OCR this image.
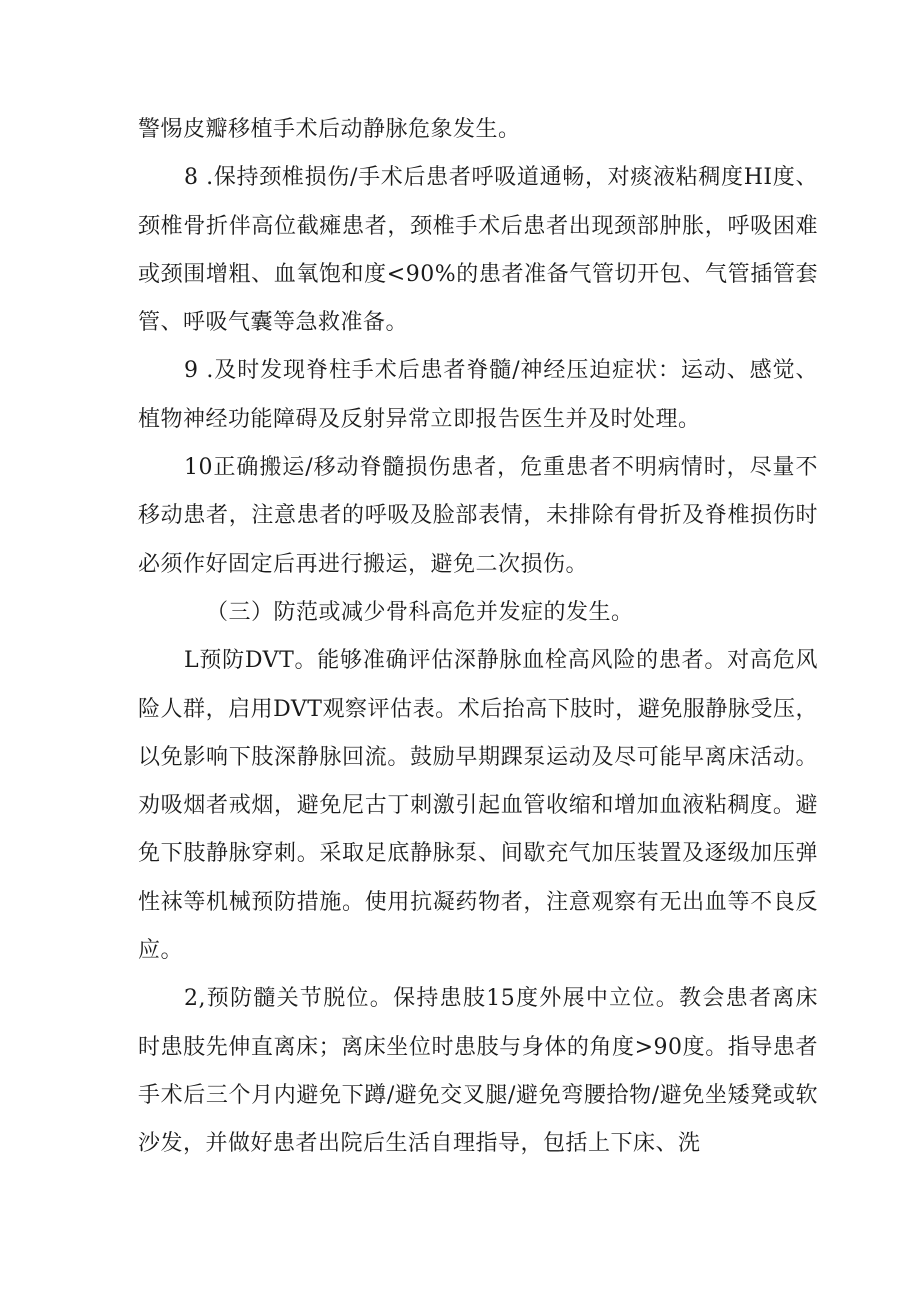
警惕皮瓣移植手术后动静脉危象发生。

8 .保持颈椎损伤/手术后患者呼吸道通畅，对痰液粘稠度HI度、颈椎骨折伴高位截瘫患者，颈椎手术后患者出现颈部肿胀，呼吸困难或颈围增粗、血氧饱和度<90%的患者准备气管切开包、气管插管套管、呼吸气囊等急救准备。

9 .及时发现脊柱手术后患者脊髓/神经压迫症状：运动、感觉、植物神经功能障碍及反射异常立即报告医生并及时处理。

10正确搬运/移动脊髓损伤患者，危重患者不明病情时，尽量不移动患者，注意患者的呼吸及脸部表情，未排除有骨折及脊椎损伤时必须作好固定后再进行搬运，避免二次损伤。

（三）防范或减少骨科高危并发症的发生。

L预防DVT。能够准确评估深静脉血栓高风险的患者。对高危风险人群，启用DVT观察评估表。术后抬高下肢时，避免服静脉受压，以免影响下肢深静脉回流。鼓励早期踝泵运动及尽可能早离床活动。劝吸烟者戒烟，避免尼古丁刺激引起血管收缩和增加血液粘稠度。避免下肢静脉穿刺。采取足底静脉泵、间歇充气加压装置及逐级加压弹性袜等机械预防措施。使用抗凝药物者，注意观察有无出血等不良反应。

2,预防髓关节脱位。保持患肢15度外展中立位。教会患者离床时患肢先伸直离床；离床坐位时患肢与身体的角度>90度。指导患者手术后三个月内避免下蹲/避免交叉腿/避免弯腰拾物/避免坐矮凳或软沙发，并做好患者出院后生活自理指导，包括上下床、洗
